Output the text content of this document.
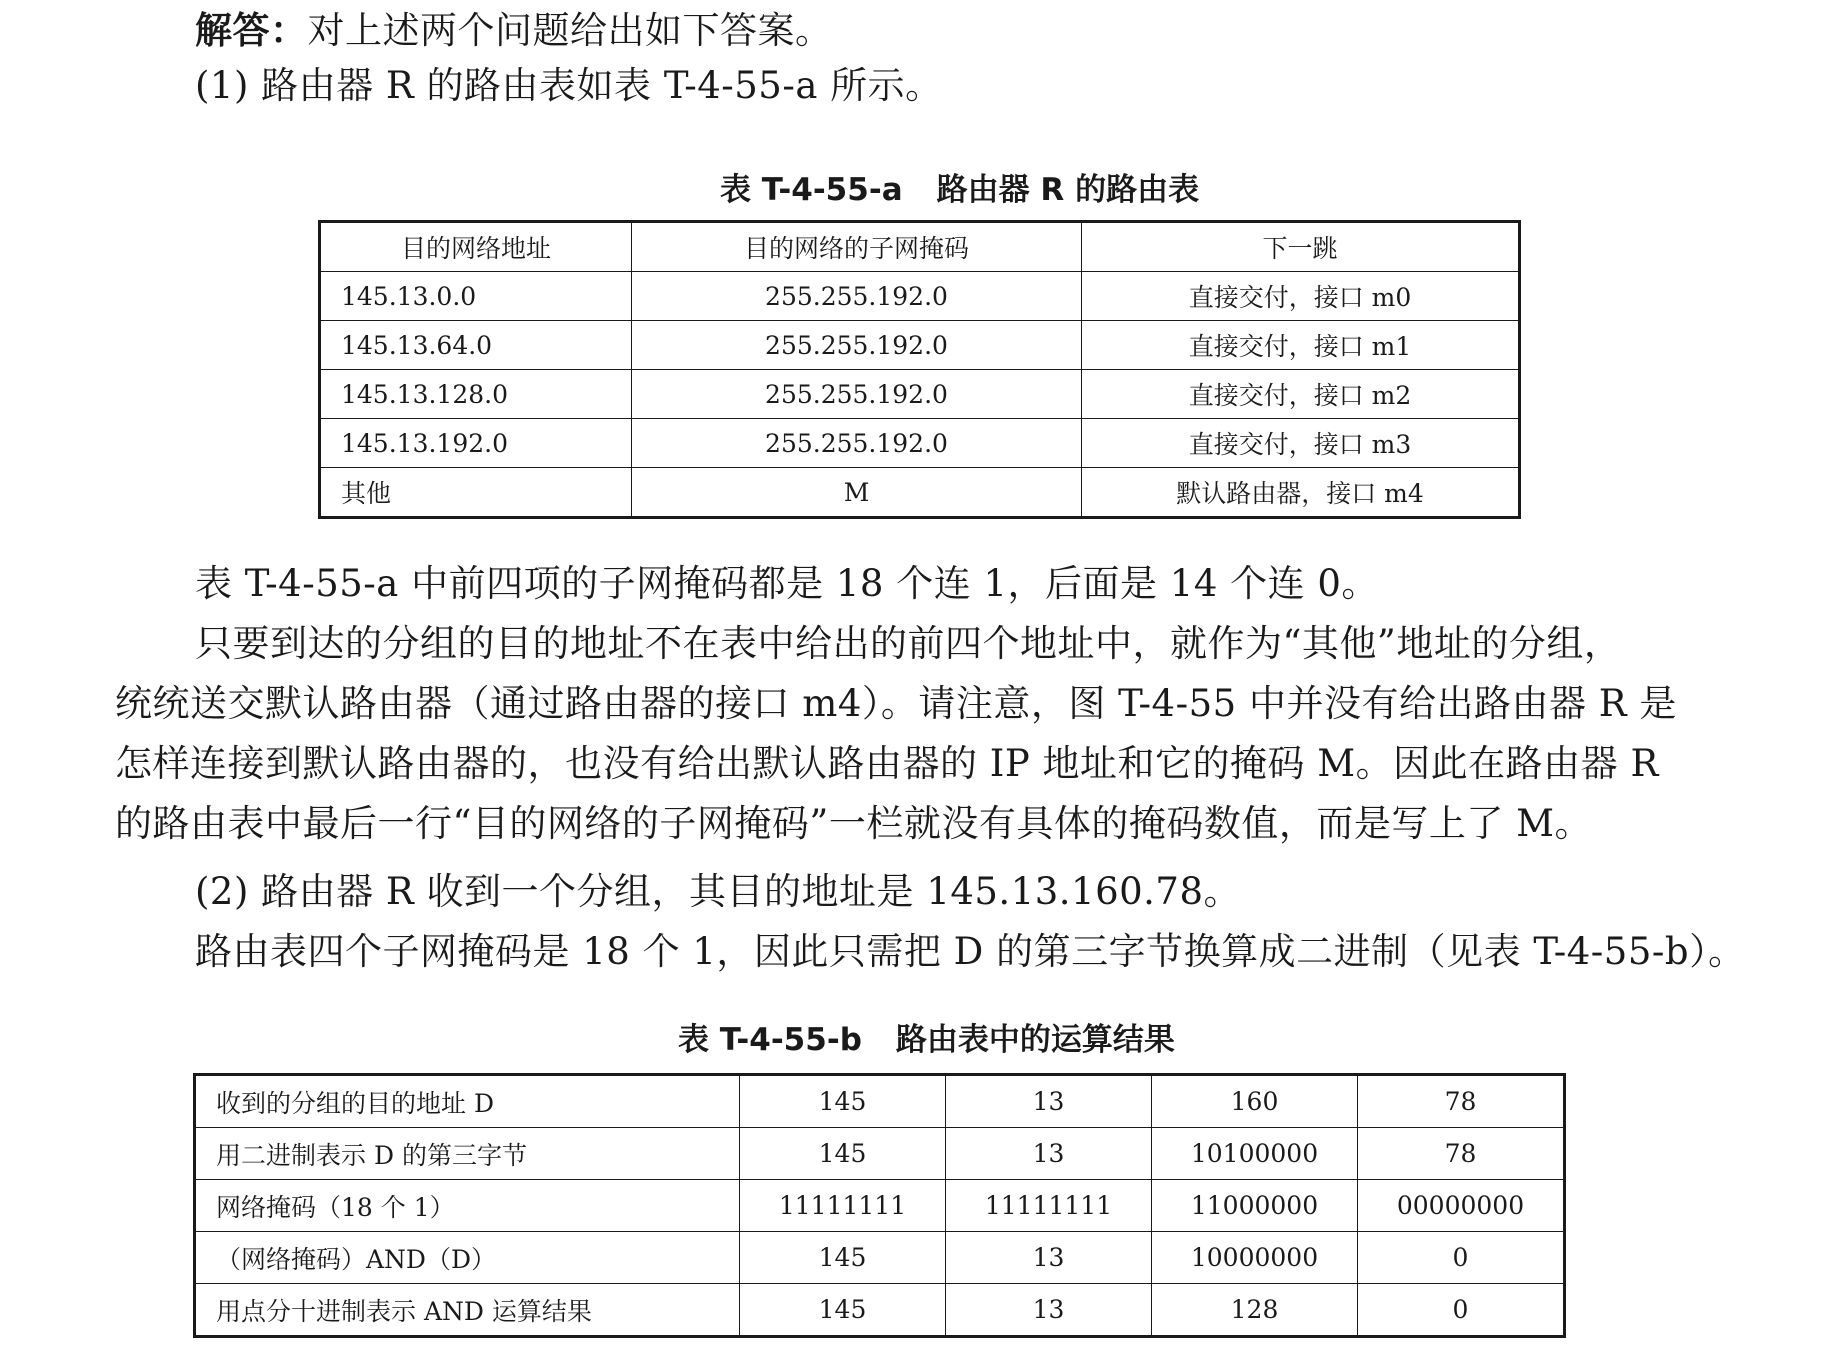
解答：对上述两个问题给出如下答案。
(1) 路由器 R 的路由表如表 T-4-55-a 所示。
表 T-4-55-a 路由器 R 的路由表
目的网络地址	目的网络的子网掩码	下一跳
145.13.0.0	255.255.192.0	直接交付，接口 m0
145.13.64.0	255.255.192.0	直接交付，接口 m1
145.13.128.0	255.255.192.0	直接交付，接口 m2
145.13.192.0	255.255.192.0	直接交付，接口 m3
其他	M	默认路由器，接口 m4
表 T-4-55-a 中前四项的子网掩码都是 18 个连 1，后面是 14 个连 0。
只要到达的分组的目的地址不在表中给出的前四个地址中，就作为“其他”地址的分组，
统统送交默认路由器（通过路由器的接口 m4）。请注意，图 T-4-55 中并没有给出路由器 R 是
怎样连接到默认路由器的，也没有给出默认路由器的 IP 地址和它的掩码 M。因此在路由器 R
的路由表中最后一行“目的网络的子网掩码”一栏就没有具体的掩码数值，而是写上了 M。
(2) 路由器 R 收到一个分组，其目的地址是 145.13.160.78。
路由表四个子网掩码是 18 个 1，因此只需把 D 的第三字节换算成二进制（见表 T-4-55-b）。
表 T-4-55-b 路由表中的运算结果
收到的分组的目的地址 D	145	13	160	78
用二进制表示 D 的第三字节	145	13	10100000	78
网络掩码（18 个 1）	11111111	11111111	11000000	00000000
（网络掩码）AND（D）	145	13	10000000	0
用点分十进制表示 AND 运算结果	145	13	128	0
